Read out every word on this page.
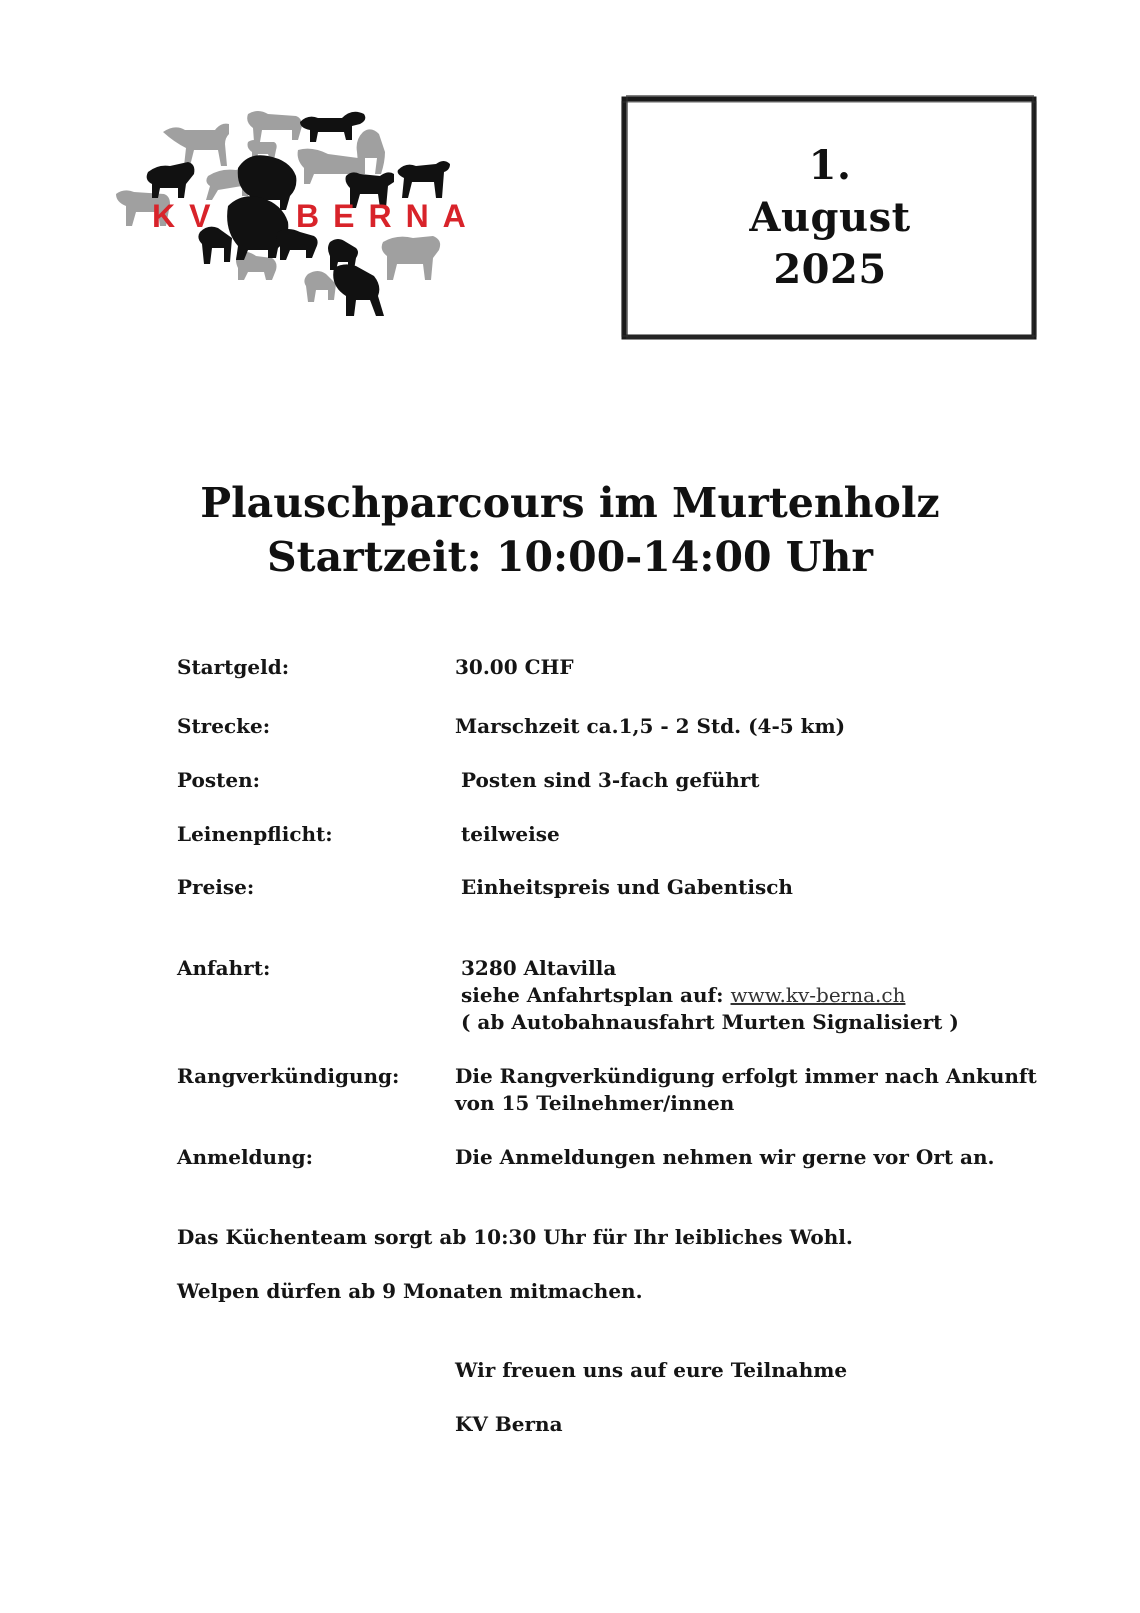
KV BERNA
1.
August
2025
Plauschparcours im Murtenholz
Startzeit: 10:00-14:00 Uhr
Startgeld:	30.00 CHF
Strecke:	Marschzeit ca.1,5 - 2 Std. (4-5 km)
Posten:	Posten sind 3-fach geführt
Leinenpflicht:	teilweise
Preise:	Einheitspreis und Gabentisch
Anfahrt:	3280 Altavilla
siehe Anfahrtsplan auf: www.kv-berna.ch
( ab Autobahnausfahrt Murten Signalisiert )
Rangverkündigung:	Die Rangverkündigung erfolgt immer nach Ankunft
von 15 Teilnehmer/innen
Anmeldung:	Die Anmeldungen nehmen wir gerne vor Ort an.
Das Küchenteam sorgt ab 10:30 Uhr für Ihr leibliches Wohl.
Welpen dürfen ab 9 Monaten mitmachen.
Wir freuen uns auf eure Teilnahme
KV Berna
